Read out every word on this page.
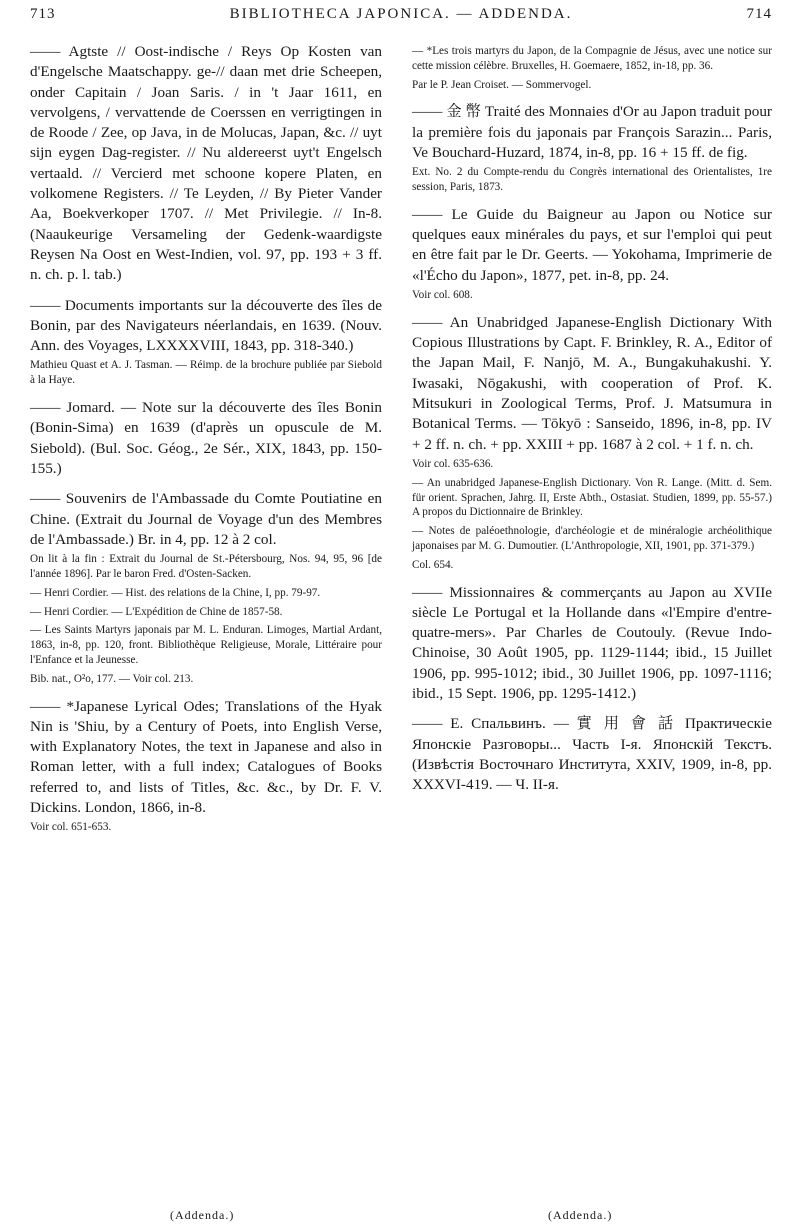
713	BIBLIOTHECA JAPONICA. — ADDENDA.	714
—— Agtste // Oost-indische / Reys Op Kosten van d'Engelsche Maatschappy. ge-// daan met drie Scheepen, onder Capitain / Joan Saris. / in 't Jaar 1611, en vervolgens, / vervattende de Coerssen en verrigtingen in de Roode / Zee, op Java, in de Molucas, Japan, &c. // uyt sijn eygen Dag-register. // Nu aldereerst uyt't Engelsch vertaald. // Vercierd met schoone kopere Platen, en volkomene Registers. // Te Leyden, // By Pieter Vander Aa, Boekverkoper 1707. // Met Privilegie. // In-8. (Naaukeurige Versameling der Gedenk-waardigste Reysen Na Oost en West-Indien, vol. 97, pp. 193 + 3 ff. n. ch. p. l. tab.)
—— Documents importants sur la découverte des îles de Bonin, par des Navigateurs néerlandais, en 1639. (Nouv. Ann. des Voyages, LXXXXVIII, 1843, pp. 318-340.)
Mathieu Quast et A. J. Tasman. — Réimp. de la brochure publiée par Siebold à la Haye.
—— Jomard. — Note sur la découverte des îles Bonin (Bonin-Sima) en 1639 (d'après un opuscule de M. Siebold). (Bul. Soc. Géog., 2e Sér., XIX, 1843, pp. 150-155.)
—— Souvenirs de l'Ambassade du Comte Poutiatine en Chine. (Extrait du Journal de Voyage d'un des Membres de l'Ambassade.) Br. in 4, pp. 12 à 2 col.
On lit à la fin : Extrait du Journal de St.-Pétersbourg, Nos. 94, 95, 96 [de l'année 1896]. Par le baron Fred. d'Osten-Sacken.
— Henri Cordier. — Hist. des relations de la Chine, I, pp. 79-97.
— Henri Cordier. — L'Expédition de Chine de 1857-58.
— Les Saints Martyrs japonais par M. L. Enduran. Limoges, Martial Ardant, 1863, in-8, pp. 120, front. Bibliothèque Religieuse, Morale, Littéraire pour l'Enfance et la Jeunesse.
Bib. nat., O²o, 177. — Voir col. 213.
—— *Japanese Lyrical Odes; Translations of the Hyak Nin is 'Shiu, by a Century of Poets, into English Verse, with Explanatory Notes, the text in Japanese and also in Roman letter, with a full index; Catalogues of Books referred to, and lists of Titles, &c. &c., by Dr. F. V. Dickins. London, 1866, in-8.
Voir col. 651-653.
— *Les trois martyrs du Japon, de la Compagnie de Jésus, avec une notice sur cette mission célèbre. Bruxelles, H. Goemaere, 1852, in-18, pp. 36.
Par le P. Jean Croiset. — Sommervogel.
—— 金 幣 Traité des Monnaies d'Or au Japon traduit pour la première fois du japonais par François Sarazin... Paris, Ve Bouchard-Huzard, 1874, in-8, pp. 16 + 15 ff. de fig.
Ext. No. 2 du Compte-rendu du Congrès international des Orientalistes, 1re session, Paris, 1873.
—— Le Guide du Baigneur au Japon ou Notice sur quelques eaux minérales du pays, et sur l'emploi qui peut en être fait par le Dr. Geerts. — Yokohama, Imprimerie de «l'Écho du Japon», 1877, pet. in-8, pp. 24.
Voir col. 608.
—— An Unabridged Japanese-English Dictionary With Copious Illustrations by Capt. F. Brinkley, R. A., Editor of the Japan Mail, F. Nanjō, M. A., Bungakuhakushi. Y. Iwasaki, Nōgakushi, with cooperation of Prof. K. Mitsukuri in Zoological Terms, Prof. J. Matsumura in Botanical Terms. — Tōkyō : Sanseido, 1896, in-8, pp. IV + 2 ff. n. ch. + pp. XXIII + pp. 1687 à 2 col. + 1 f. n. ch.
Voir col. 635-636.
— An unabridged Japanese-English Dictionary. Von R. Lange. (Mitt. d. Sem. für orient. Sprachen, Jahrg. II, Erste Abth., Ostasiat. Studien, 1899, pp. 55-57.) A propos du Dictionnaire de Brinkley.
— Notes de paléoethnologie, d'archéologie et de minéralogie archéolithique japonaises par M. G. Dumoutier. (L'Anthropologie, XII, 1901, pp. 371-379.)
Col. 654.
—— Missionnaires & commerçants au Japon au XVIIe siècle Le Portugal et la Hollande dans «l'Empire d'entre-quatre-mers». Par Charles de Coutouly. (Revue Indo-Chinoise, 30 Août 1905, pp. 1129-1144; ibid., 15 Juillet 1906, pp. 995-1012; ibid., 30 Juillet 1906, pp. 1097-1116; ibid., 15 Sept. 1906, pp. 1295-1412.)
—— Е. Спальвинъ. — 實 用 會 話 Практическіе Японскіе Разговоры... Часть I-я. Японскій Текстъ. (Извѣстія Восточнаго Института, XXIV, 1909, in-8, pp. XXXVI-419. — Ч. II-я.
(Addenda.)	(Addenda.)
